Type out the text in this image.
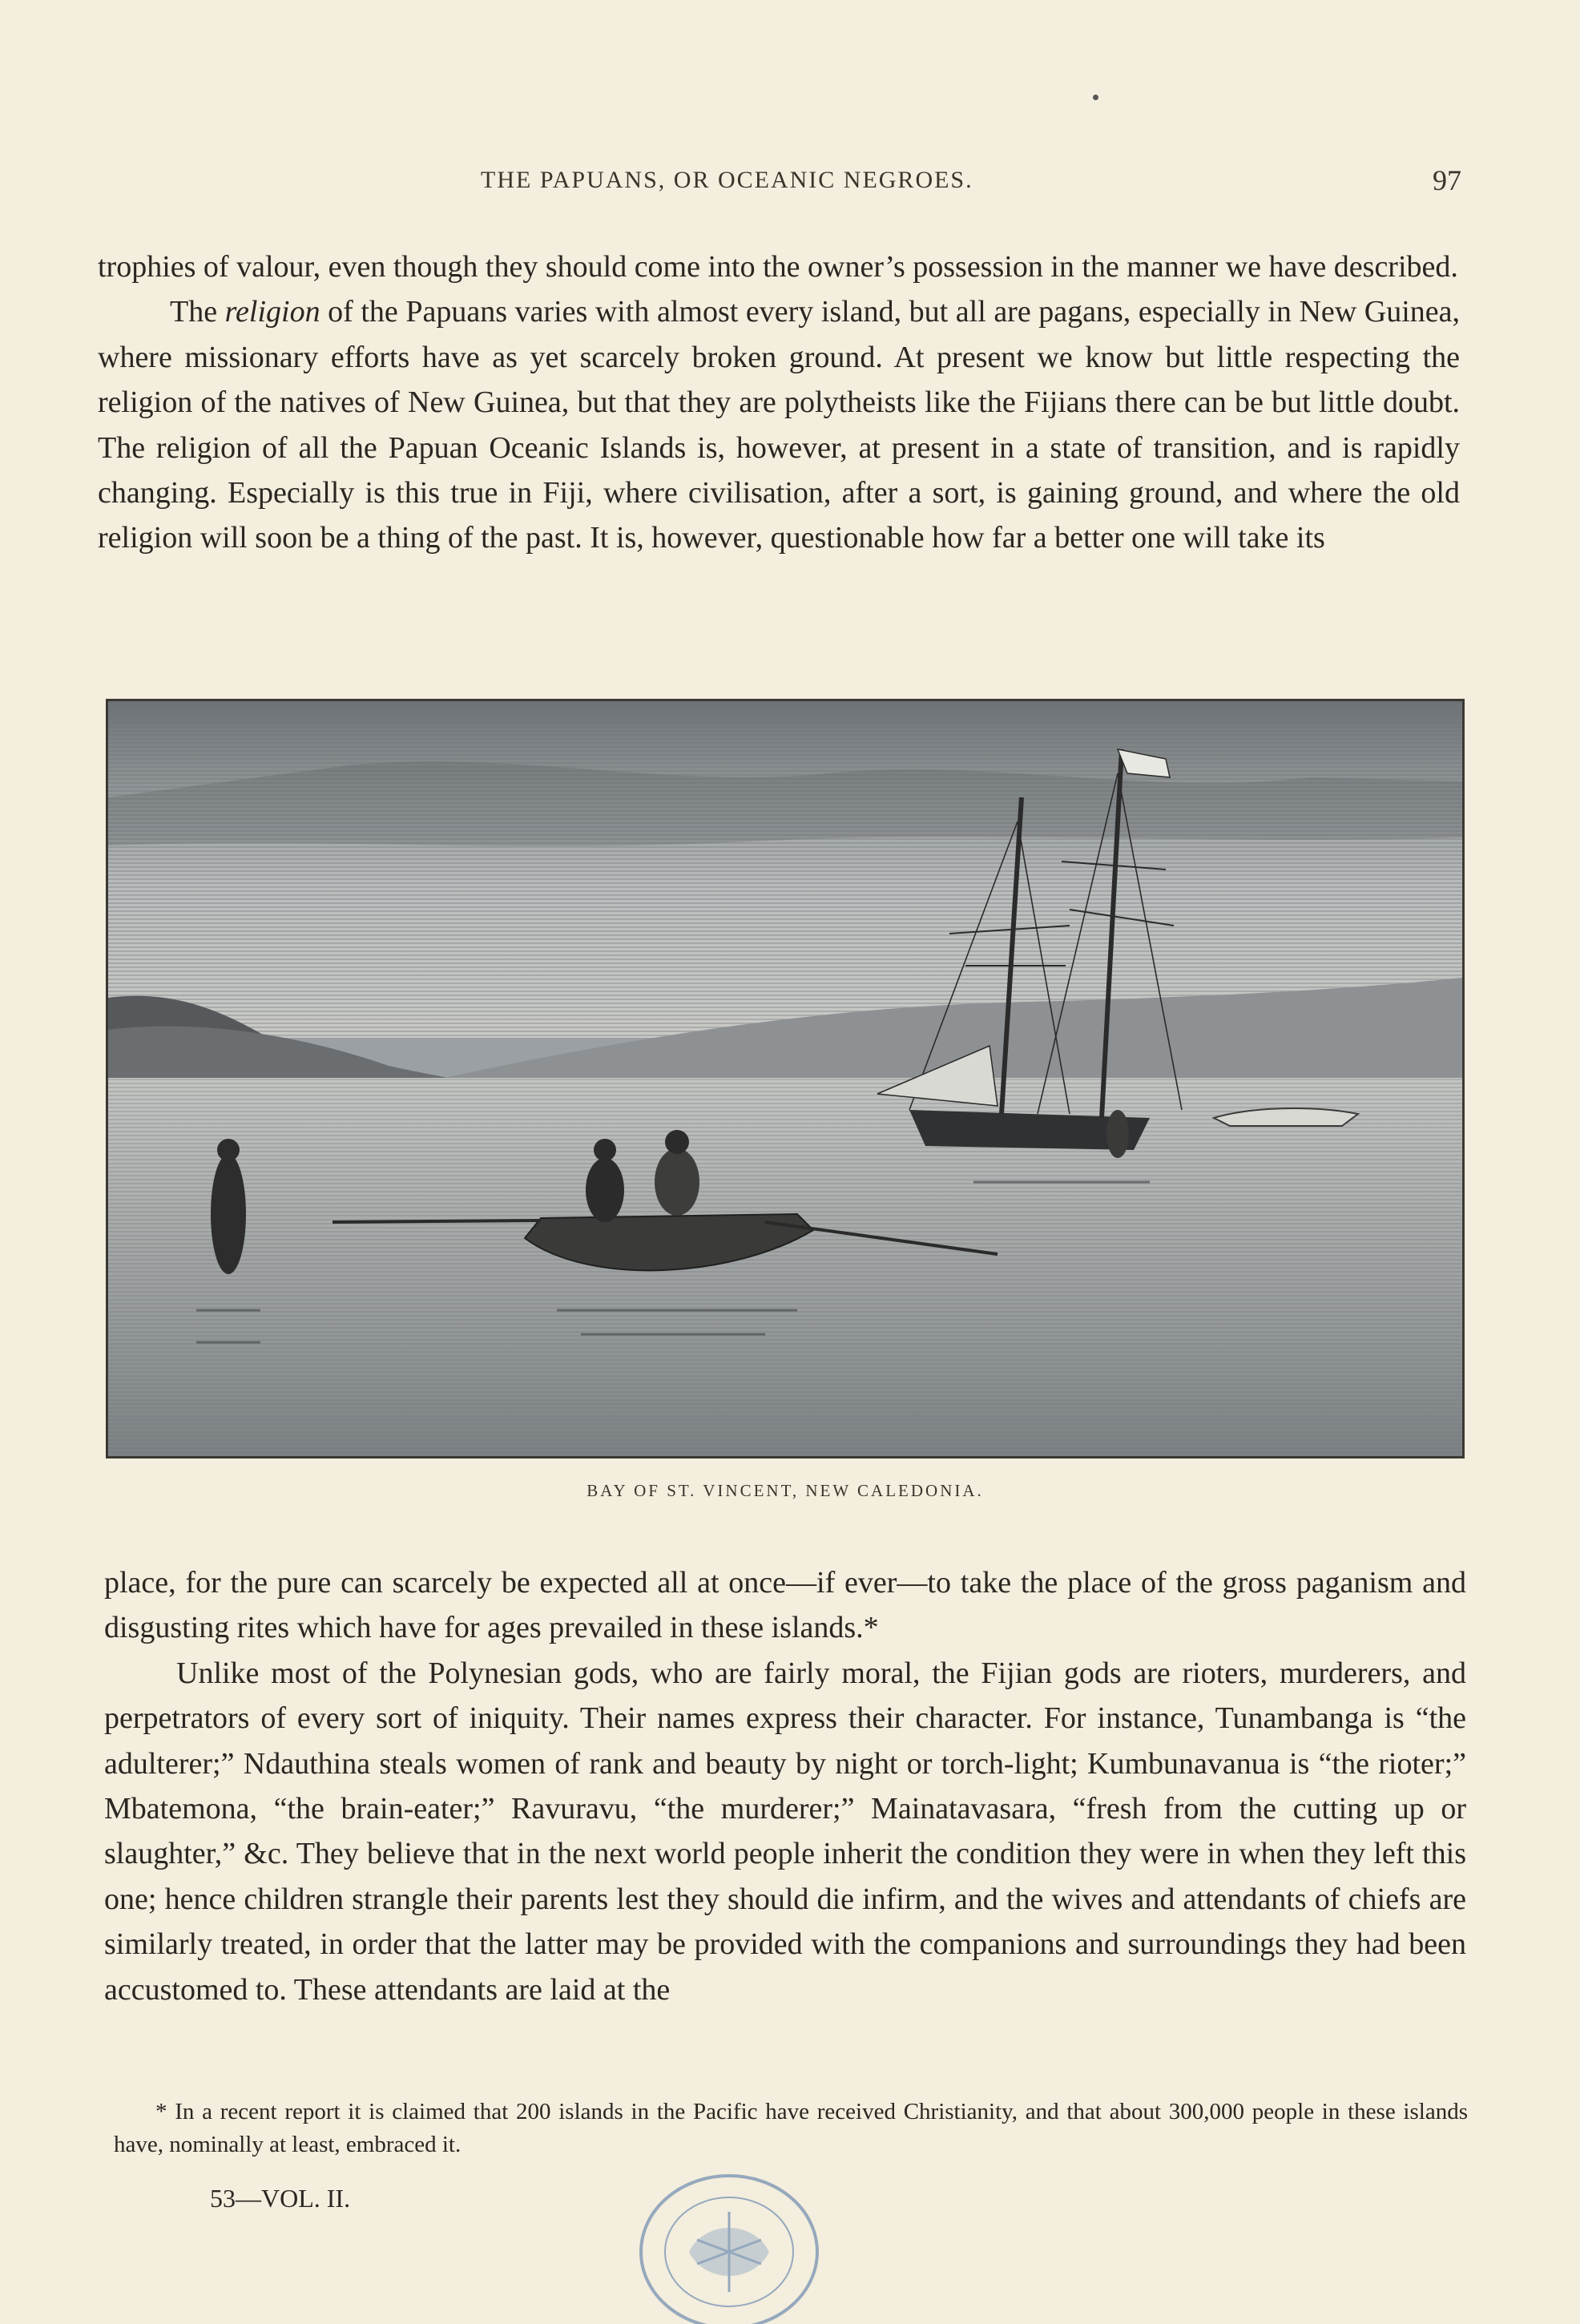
THE PAPUANS, OR OCEANIC NEGROES.	97

trophies of valour, even though they should come into the owner’s possession in the manner we have described.

The religion of the Papuans varies with almost every island, but all are pagans, especially in New Guinea, where missionary efforts have as yet scarcely broken ground. At present we know but little respecting the religion of the natives of New Guinea, but that they are polytheists like the Fijians there can be but little doubt. The religion of all the Papuan Oceanic Islands is, however, at present in a state of transition, and is rapidly changing. Especially is this true in Fiji, where civilisation, after a sort, is gaining ground, and where the old religion will soon be a thing of the past. It is, however, questionable how far a better one will take its

BAY OF ST. VINCENT, NEW CALEDONIA.

place, for the pure can scarcely be expected all at once—if ever—to take the place of the gross paganism and disgusting rites which have for ages prevailed in these islands.*

Unlike most of the Polynesian gods, who are fairly moral, the Fijian gods are rioters, murderers, and perpetrators of every sort of iniquity. Their names express their character. For instance, Tunambanga is “the adulterer;” Ndauthina steals women of rank and beauty by night or torch-light; Kumbunavanua is “the rioter;” Mbatemona, “the brain-eater;” Ravuravu, “the murderer;” Mainatavasara, “fresh from the cutting up or slaughter,” &c. They believe that in the next world people inherit the condition they were in when they left this one; hence children strangle their parents lest they should die infirm, and the wives and attendants of chiefs are similarly treated, in order that the latter may be provided with the companions and surroundings they had been accustomed to. These attendants are laid at the

* In a recent report it is claimed that 200 islands in the Pacific have received Christianity, and that about 300,000 people in these islands have, nominally at least, embraced it.

53—VOL. II.
